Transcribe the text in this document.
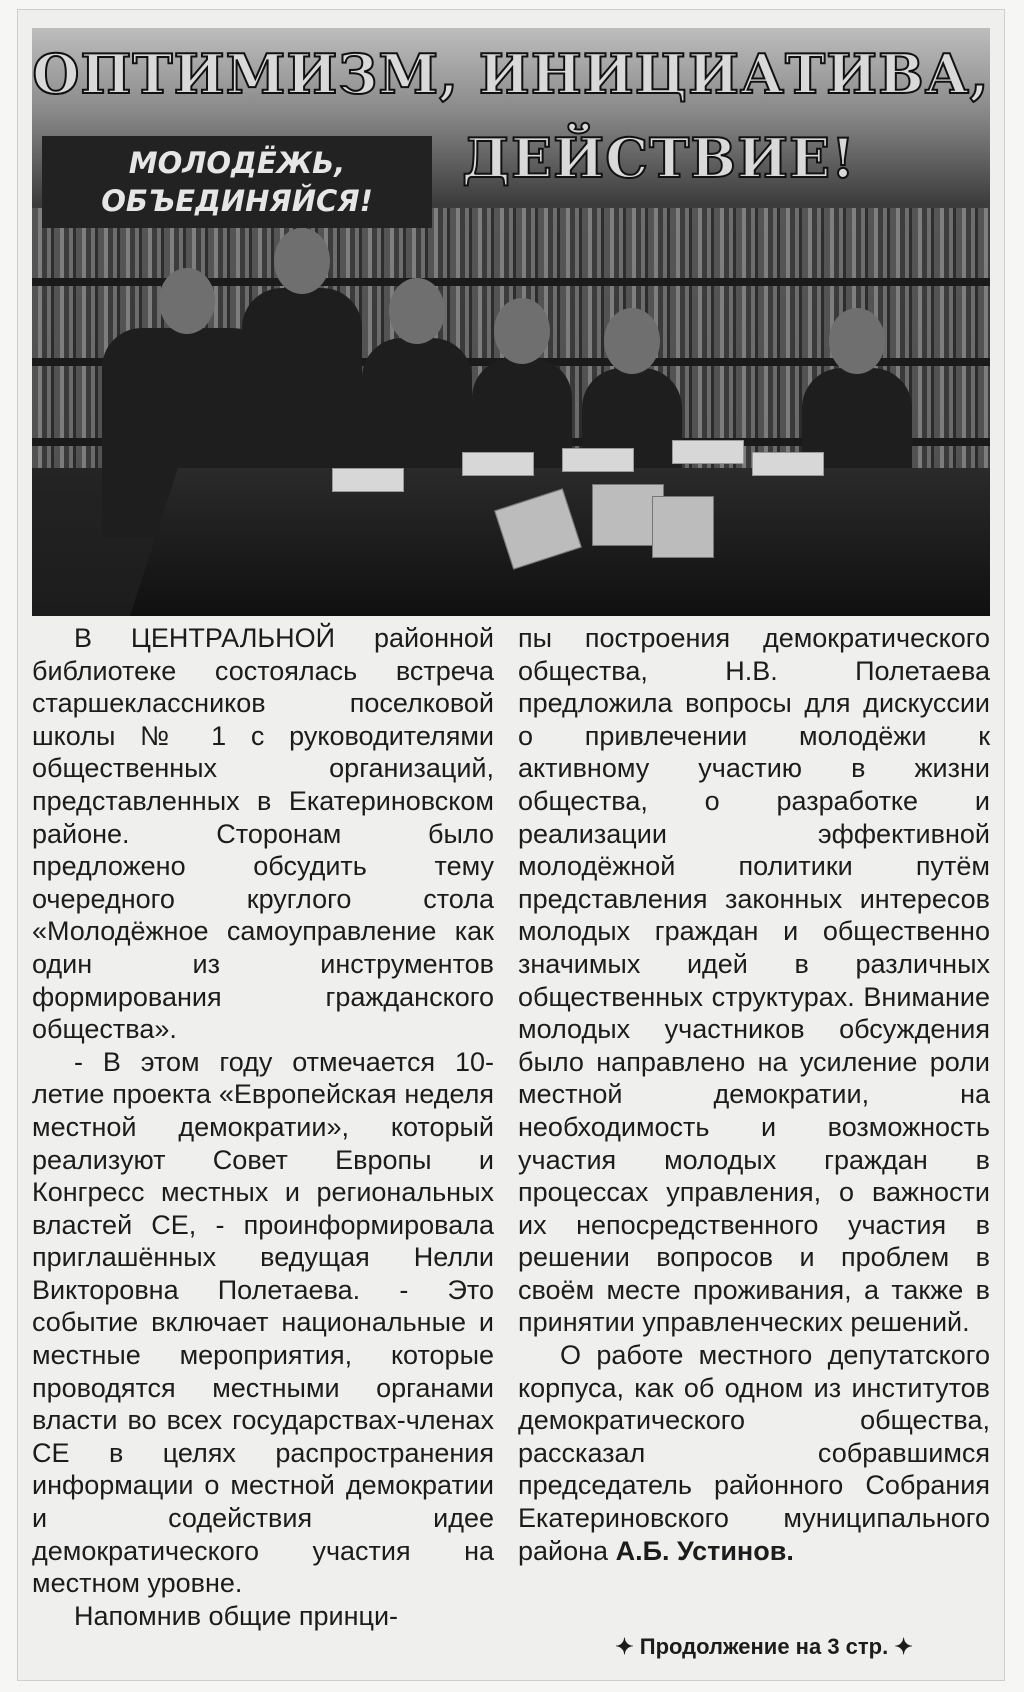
ОПТИМИЗМ, ИНИЦИАТИВА,
МОЛОДЁЖЬ,
ОБЪЕДИНЯЙСЯ!
ДЕЙСТВИЕ!

В ЦЕНТРАЛЬНОЙ районной библиотеке состоялась встреча старшеклассников поселковой школы № 1 с руководителями общественных организаций, представленных в Екатериновском районе. Сторонам было предложено обсудить тему очередного круглого стола «Молодёжное самоуправление как один из инструментов формирования гражданского общества».

- В этом году отмечается 10-летие проекта «Европейская неделя местной демократии», который реализуют Совет Европы и Конгресс местных и региональных властей СЕ, - проинформировала приглашённых ведущая Нелли Викторовна Полетаева. - Это событие включает национальные и местные мероприятия, которые проводятся местными органами власти во всех государствах-членах СЕ в целях распространения информации о местной демократии и содействия идее демократического участия на местном уровне.

Напомнив общие принци-

пы построения демократического общества, Н.В. Полетаева предложила вопросы для дискуссии о привлечении молодёжи к активному участию в жизни общества, о разработке и реализации эффективной молодёжной политики путём представления законных интересов молодых граждан и общественно значимых идей в различных общественных структурах. Внимание молодых участников обсуждения было направлено на усиление роли местной демократии, на необходимость и возможность участия молодых граждан в процессах управления, о важности их непосредственного участия в решении вопросов и проблем в своём месте проживания, а также в принятии управленческих решений.

О работе местного депутатского корпуса, как об одном из институтов демократического общества, рассказал собравшимся председатель районного Собрания Екатериновского муниципального района А.Б. Устинов.

✦ Продолжение на 3 стр. ✦
